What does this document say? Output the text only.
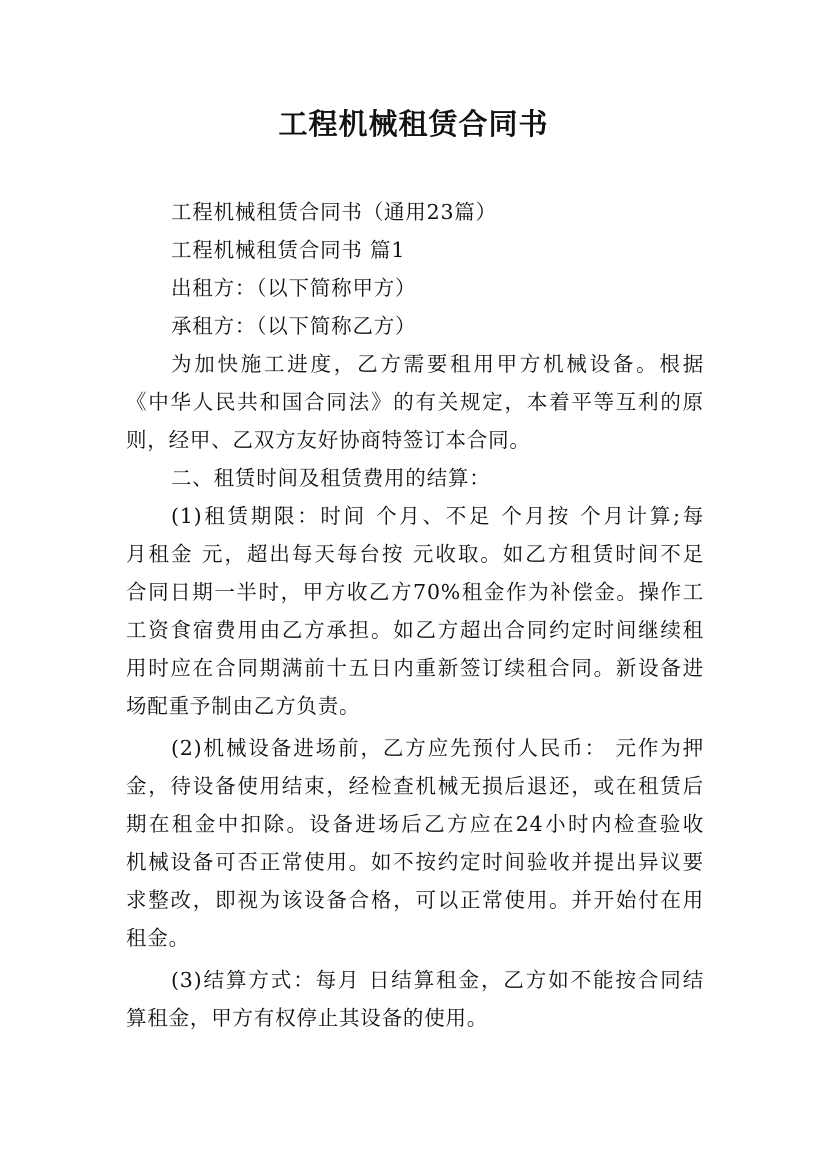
工程机械租赁合同书

工程机械租赁合同书（通用23篇）

工程机械租赁合同书 篇1

出租方：（以下简称甲方）

承租方：（以下简称乙方）

为加快施工进度，乙方需要租用甲方机械设备。根据

《中华人民共和国合同法》的有关规定，本着平等互利的原

则，经甲、乙双方友好协商特签订本合同。

二、租赁时间及租赁费用的结算：

(1)租赁期限：时间 个月、不足 个月按 个月计算;每

月租金 元，超出每天每台按 元收取。如乙方租赁时间不足

合同日期一半时，甲方收乙方70%租金作为补偿金。操作工

工资食宿费用由乙方承担。如乙方超出合同约定时间继续租

用时应在合同期满前十五日内重新签订续租合同。新设备进

场配重予制由乙方负责。

(2)机械设备进场前，乙方应先预付人民币： 元作为押

金，待设备使用结束，经检查机械无损后退还，或在租赁后

期在租金中扣除。设备进场后乙方应在24小时内检查验收

机械设备可否正常使用。如不按约定时间验收并提出异议要

求整改，即视为该设备合格，可以正常使用。并开始付在用

租金。

(3)结算方式：每月 日结算租金，乙方如不能按合同结

算租金，甲方有权停止其设备的使用。
